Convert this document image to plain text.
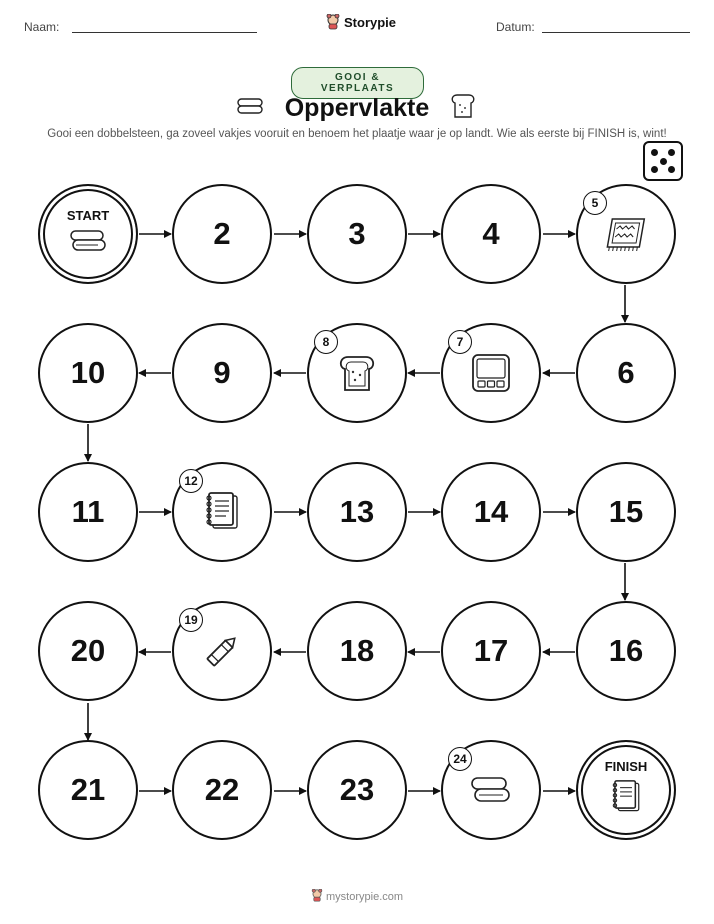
Naam:	Storypie	Datum:
GOOI & VERPLAATS
Oppervlakte
Gooi een dobbelsteen, ga zoveel vakjes vooruit en benoem het plaatje waar je op landt. Wie als eerste bij FINISH is, wint!
START
2	3	4
5
10	9
8	7
6
11
12
13	14	15
20
19
18	17	16
21	22	23
24	FINISH
mystorypie.com
